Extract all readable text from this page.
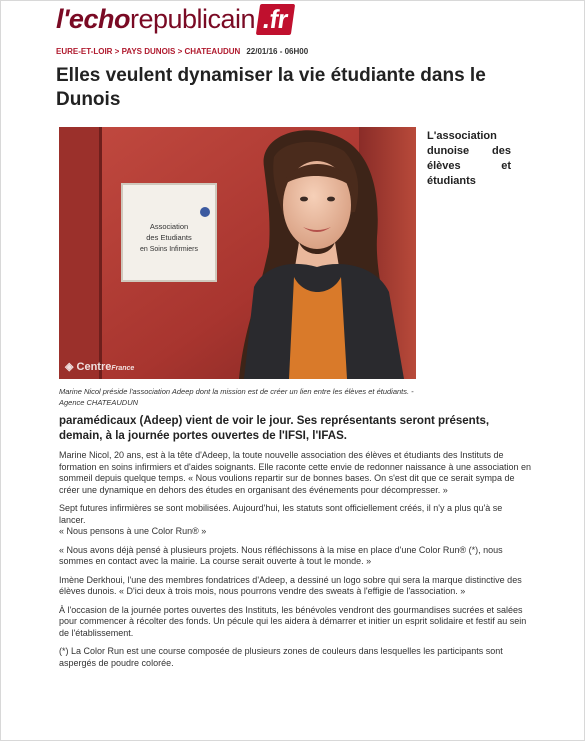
l'echorepublicain .fr
EURE-ET-LOIR > PAYS DUNOIS > CHATEAUDUN 22/01/16 - 06H00
Elles veulent dynamiser la vie étudiante dans le Dunois
Association
des Etudiants
en Soins Infirmiers
◈ CentreFrance
L'association
dunoise des
élèves et
étudiants
Marine Nicol préside l'association Adeep dont la mission est de créer un lien entre les élèves et étudiants. - Agence CHATEAUDUN

paramédicaux (Adeep) vient de voir le jour. Ses représentants seront présents, demain, à la journée portes ouvertes de l'IFSI, l'IFAS.

Marine Nicol, 20 ans, est à la tête d'Adeep, la toute nouvelle association des élèves et étudiants des Instituts de formation en soins infirmiers et d'aides soignants. Elle raconte cette envie de redonner naissance à une association en sommeil depuis quelque temps. « Nous voulions repartir sur de bonnes bases. On s'est dit que ce serait sympa de créer une dynamique en dehors des études en organisant des événements pour décompresser. »

Sept futures infirmières se sont mobilisées. Aujourd'hui, les statuts sont officiellement créés, il n'y a plus qu'à se lancer.

« Nous pensons à une Color Run® »

« Nous avons déjà pensé à plusieurs projets. Nous réfléchissons à la mise en place d'une Color Run® (*), nous sommes en contact avec la mairie. La course serait ouverte à tout le monde. »

Imène Derkhoui, l'une des membres fondatrices d'Adeep, a dessiné un logo sobre qui sera la marque distinctive des élèves dunois. « D'ici deux à trois mois, nous pourrons vendre des sweats à l'effigie de l'association. »

À l'occasion de la journée portes ouvertes des Instituts, les bénévoles vendront des gourmandises sucrées et salées pour commencer à récolter des fonds. Un pécule qui les aidera à démarrer et initier un esprit solidaire et festif au sein de l'établissement.

(*) La Color Run est une course composée de plusieurs zones de couleurs dans lesquelles les participants sont aspergés de poudre colorée.
